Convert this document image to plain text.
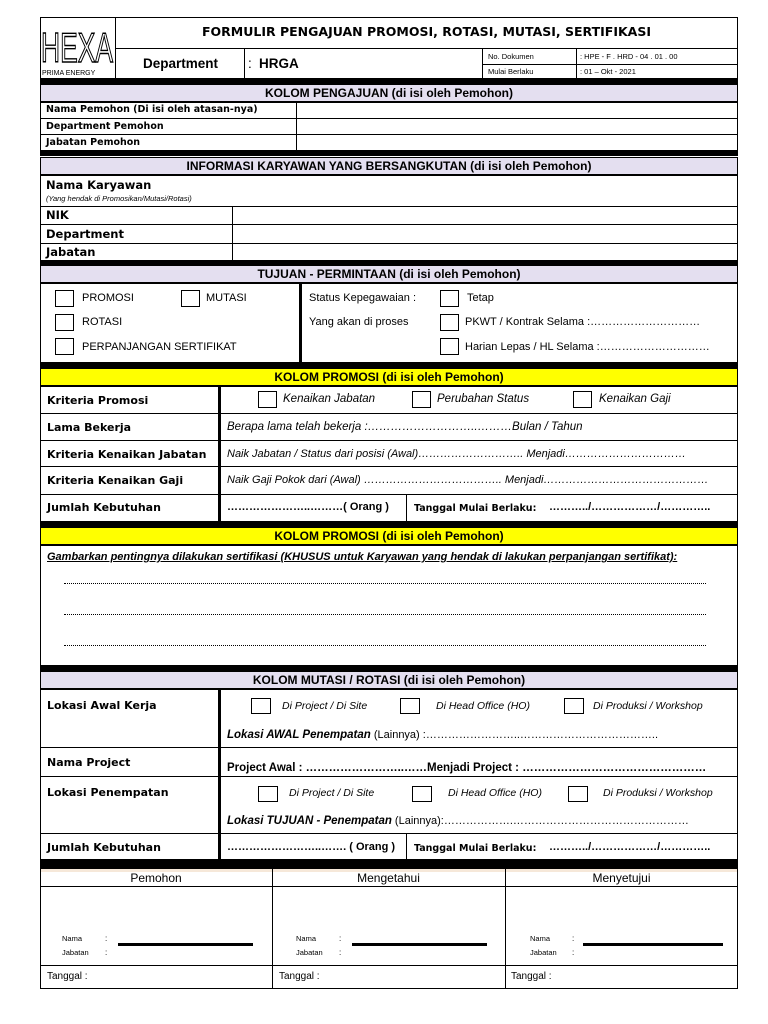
HEXA
PRIMA ENERGY
FORMULIR PENGAJUAN PROMOSI, ROTASI, MUTASI, SERTIFIKASI
Department : HRGA	No. Dokumen	: HPE - F . HRD - 04 . 01 . 00
Mulai Berlaku	: 01 – Okt - 2021
KOLOM PENGAJUAN (di isi oleh Pemohon)
Nama Pemohon (Di isi oleh atasan-nya)
Department Pemohon
Jabatan Pemohon
INFORMASI KARYAWAN YANG BERSANGKUTAN (di isi oleh Pemohon)
Nama Karyawan
(Yang hendak di Promosikan/Mutasi/Rotasi)
NIK
Department
Jabatan
TUJUAN - PERMINTAAN (di isi oleh Pemohon)
PROMOSI	MUTASI
ROTASI
PERPANJANGAN SERTIFIKAT
Status Kepegawaian :
Yang akan di proses
Tetap
PKWT / Kontrak Selama :…………………………
Harian Lepas / HL Selama :…………………………
KOLOM PROMOSI (di isi oleh Pemohon)
Kriteria Promosi	Kenaikan Jabatan	Perubahan Status	Kenaikan Gaji
Lama Bekerja	Berapa lama telah bekerja :………………………..………Bulan / Tahun
Kriteria Kenaikan Jabatan Naik Jabatan / Status dari posisi (Awal)……………………….. Menjadi……………………………
Kriteria Kenaikan Gaji	Naik Gaji Pokok dari (Awal) ……………………………….. Menjadi………………………………………
Jumlah Kebutuhan	…………………..………( Orang )	Tanggal Mulai Berlaku: ………../………………/…………..
KOLOM PROMOSI (di isi oleh Pemohon)
Gambarkan pentingnya dilakukan sertifikasi (KHUSUS untuk Karyawan yang hendak di lakukan perpanjangan sertifikat):
KOLOM MUTASI / ROTASI (di isi oleh Pemohon)
Lokasi Awal Kerja	Di Project / Di Site	Di Head Office (HO)	Di Produksi / Workshop
Lokasi AWAL Penempatan (Lainnya) :……………………..………………………………..
Nama Project	Project Awal : ……………………..……Menjadi Project : …………………………………………
Lokasi Penempatan	Di Project / Di Site	Di Head Office (HO)	Di Produksi / Workshop
Lokasi TUJUAN - Penempatan (Lainnya):……………….…………………………………………
Jumlah Kebutuhan	……………………..……. ( Orang ) Tanggal Mulai Berlaku: ………../………………/…………..
Pemohon	Mengetahui	Menyetujui
Nama	:
Jabatan :
Tanggal :
Nama	:
Jabatan :
Tanggal :
Nama	:
Jabatan :
Tanggal :
